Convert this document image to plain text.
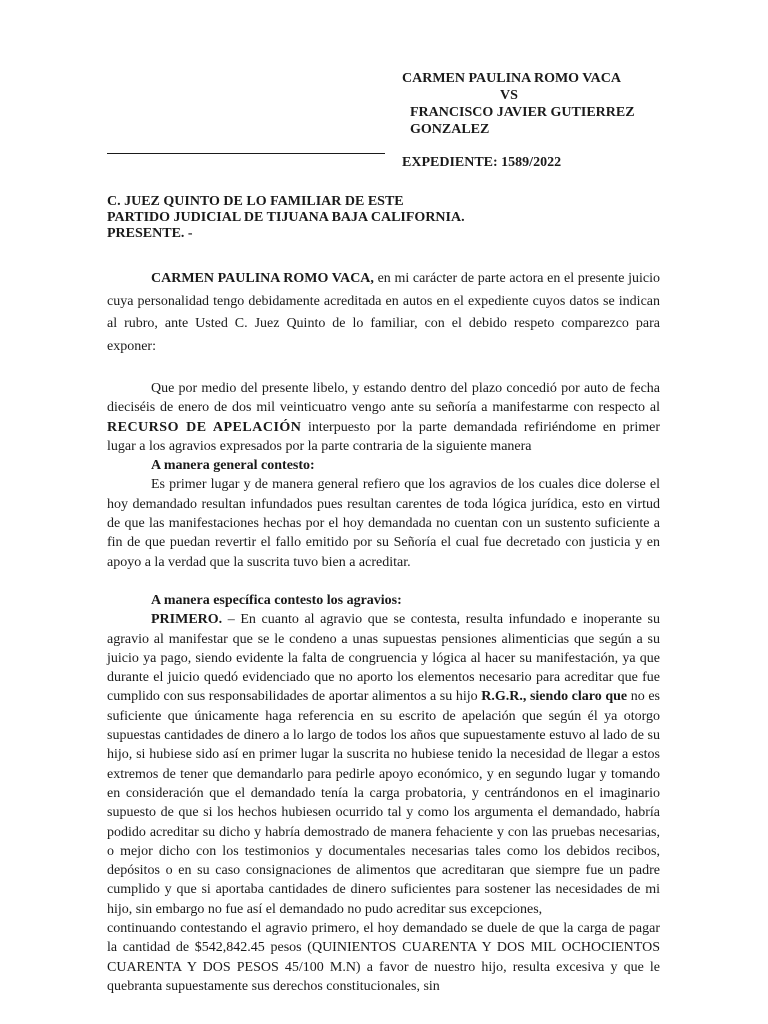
CARMEN PAULINA ROMO VACA
VS
FRANCISCO JAVIER GUTIERREZ
GONZALEZ
EXPEDIENTE: 1589/2022
C. JUEZ QUINTO DE LO FAMILIAR DE ESTE
PARTIDO JUDICIAL DE TIJUANA BAJA CALIFORNIA.
PRESENTE. -
CARMEN PAULINA ROMO VACA, en mi carácter de parte actora en el presente juicio cuya personalidad tengo debidamente acreditada en autos en el expediente cuyos datos se indican al rubro, ante Usted C. Juez Quinto de lo familiar, con el debido respeto comparezco para exponer:
Que por medio del presente libelo, y estando dentro del plazo concedió por auto de fecha dieciséis de enero de dos mil veinticuatro vengo ante su señoría a manifestarme con respecto al RECURSO DE APELACIÓN interpuesto por la parte demandada refiriéndome en primer lugar a los agravios expresados por la parte contraria de la siguiente manera
A manera general contesto:
Es primer lugar y de manera general refiero que los agravios de los cuales dice dolerse el hoy demandado resultan infundados pues resultan carentes de toda lógica jurídica, esto en virtud de que las manifestaciones hechas por el hoy demandada no cuentan con un sustento suficiente a fin de que puedan revertir el fallo emitido por su Señoría el cual fue decretado con justicia y en apoyo a la verdad que la suscrita tuvo bien a acreditar.
A manera específica contesto los agravios:
PRIMERO. – En cuanto al agravio que se contesta, resulta infundado e inoperante su agravio al manifestar que se le condeno a unas supuestas pensiones alimenticias que según a su juicio ya pago, siendo evidente la falta de congruencia y lógica al hacer su manifestación, ya que durante el juicio quedó evidenciado que no aporto los elementos necesario para acreditar que fue cumplido con sus responsabilidades de aportar alimentos a su hijo R.G.R., siendo claro que no es suficiente que únicamente haga referencia en su escrito de apelación que según él ya otorgo supuestas cantidades de dinero a lo largo de todos los años que supuestamente estuvo al lado de su hijo, si hubiese sido así en primer lugar la suscrita no hubiese tenido la necesidad de llegar a estos extremos de tener que demandarlo para pedirle apoyo económico, y en segundo lugar y tomando en consideración que el demandado tenía la carga probatoria, y centrándonos en el imaginario supuesto de que si los hechos hubiesen ocurrido tal y como los argumenta el demandado, habría podido acreditar su dicho y habría demostrado de manera fehaciente y con las pruebas necesarias, o mejor dicho con los testimonios y documentales necesarias tales como los debidos recibos, depósitos o en su caso consignaciones de alimentos que acreditaran que siempre fue un padre cumplido y que si aportaba cantidades de dinero suficientes para sostener las necesidades de mi hijo, sin embargo no fue así el demandado no pudo acreditar sus excepciones,
continuando contestando el agravio primero, el hoy demandado se duele de que la carga de pagar la cantidad de $542,842.45 pesos (QUINIENTOS CUARENTA Y DOS MIL OCHOCIENTOS CUARENTA Y DOS PESOS 45/100 M.N) a favor de nuestro hijo, resulta excesiva y que le quebranta supuestamente sus derechos constitucionales, sin
